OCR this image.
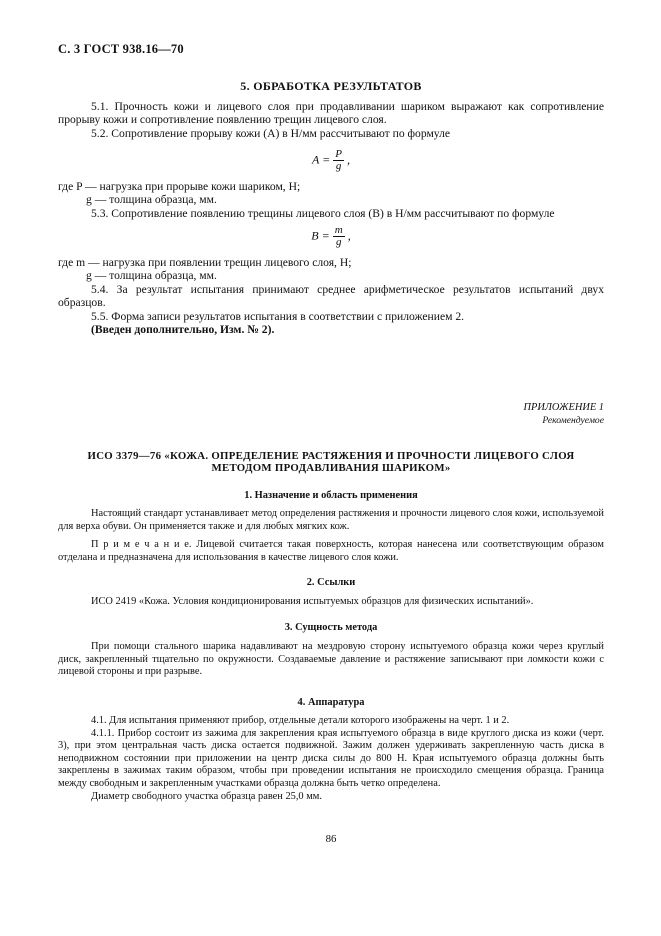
С. 3 ГОСТ 938.16—70
5. ОБРАБОТКА РЕЗУЛЬТАТОВ

5.1. Прочность кожи и лицевого слоя при продавливании шариком выражают как сопротивление прорыву кожи и сопротивление появлению трещин лицевого слоя.

5.2. Сопротивление прорыву кожи (A) в Н/мм рассчитывают по формуле

$A = \frac{P}{g}$ ,

где P — нагрузка при прорыве кожи шариком, Н;

g — толщина образца, мм.

5.3. Сопротивление появлению трещины лицевого слоя (B) в Н/мм рассчитывают по формуле

$B = \frac{m}{g}$ ,

где m — нагрузка при появлении трещин лицевого слоя, Н;

g — толщина образца, мм.

5.4. За результат испытания принимают среднее арифметическое результатов испытаний двух образцов.

5.5. Форма записи результатов испытания в соответствии с приложением 2.

(Введен дополнительно, Изм. № 2).

ПРИЛОЖЕНИЕ 1
Рекомендуемое
ИСО 3379—76 «КОЖА. ОПРЕДЕЛЕНИЕ РАСТЯЖЕНИЯ И ПРОЧНОСТИ ЛИЦЕВОГО СЛОЯ МЕТОДОМ ПРОДАВЛИВАНИЯ ШАРИКОМ»
1. Назначение и область применения

Настоящий стандарт устанавливает метод определения растяжения и прочности лицевого слоя кожи, используемой для верха обуви. Он применяется также и для любых мягких кож.

П р и м е ч а н и е. Лицевой считается такая поверхность, которая нанесена или соответствующим образом отделана и предназначена для использования в качестве лицевого слоя кожи.

2. Ссылки

ИСО 2419 «Кожа. Условия кондиционирования испытуемых образцов для физических испытаний».

3. Сущность метода

При помощи стального шарика надавливают на мездровую сторону испытуемого образца кожи через круглый диск, закрепленный тщательно по окружности. Создаваемые давление и растяжение записывают при ломкости кожи с лицевой стороны и при разрыве.

4. Аппаратура

4.1. Для испытания применяют прибор, отдельные детали которого изображены на черт. 1 и 2.

4.1.1. Прибор состоит из зажима для закрепления края испытуемого образца в виде круглого диска из кожи (черт. 3), при этом центральная часть диска остается подвижной. Зажим должен удерживать закрепленную часть диска в неподвижном состоянии при приложении на центр диска силы до 800 Н. Края испытуемого образца должны быть закреплены в зажимах таким образом, чтобы при проведении испытания не происходило смещения образца. Граница между свободным и закрепленным участками образца должна быть четко определена.

Диаметр свободного участка образца равен 25,0 мм.

86
